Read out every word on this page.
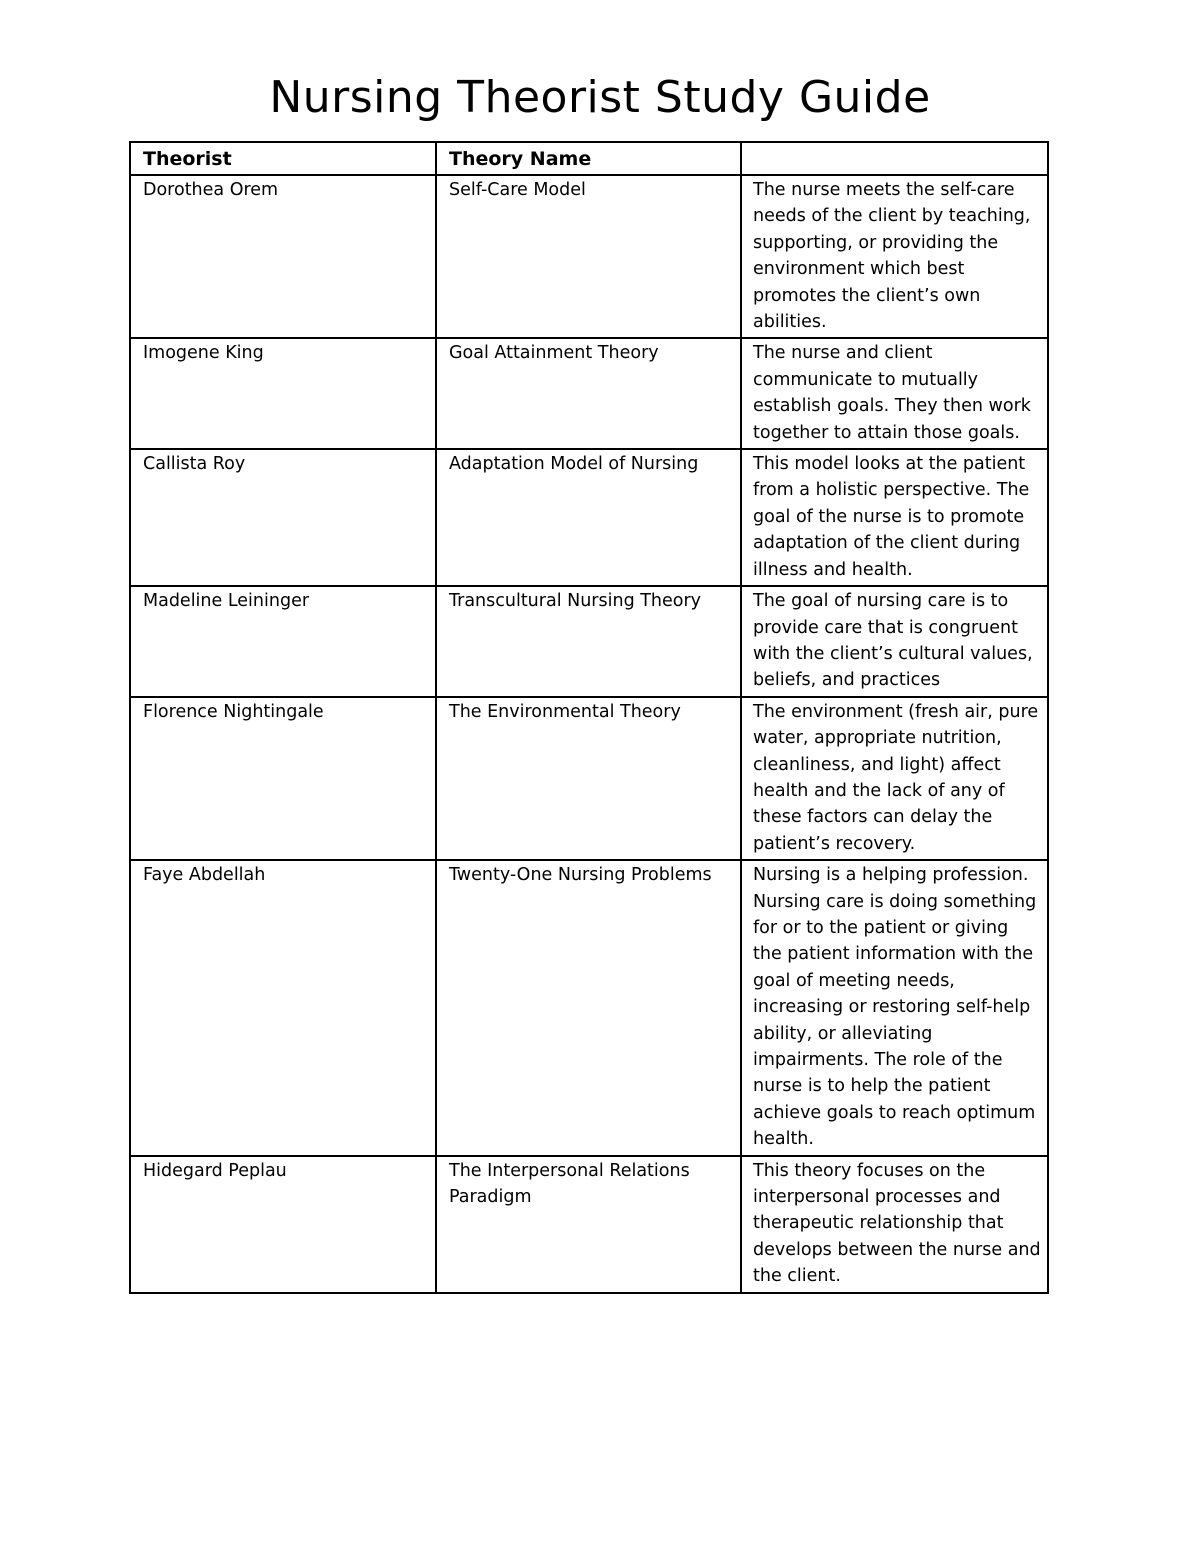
Nursing Theorist Study Guide
Theorist	Theory Name	
Dorothea Orem	Self-Care Model	The nurse meets the self-care needs of the client by teaching, supporting, or providing the environment which best promotes the client’s own abilities.
Imogene King	Goal Attainment Theory	The nurse and client communicate to mutually establish goals. They then work together to attain those goals.
Callista Roy	Adaptation Model of Nursing	This model looks at the patient from a holistic perspective. The goal of the nurse is to promote adaptation of the client during illness and health.
Madeline Leininger	Transcultural Nursing Theory	The goal of nursing care is to provide care that is congruent with the client’s cultural values, beliefs, and practices
Florence Nightingale	The Environmental Theory	The environment (fresh air, pure water, appropriate nutrition, cleanliness, and light) affect health and the lack of any of these factors can delay the patient’s recovery.
Faye Abdellah	Twenty-One Nursing Problems	Nursing is a helping profession. Nursing care is doing something for or to the patient or giving the patient information with the goal of meeting needs, increasing or restoring self-help ability, or alleviating impairments. The role of the nurse is to help the patient achieve goals to reach optimum health.
Hidegard Peplau	The Interpersonal Relations Paradigm	This theory focuses on the interpersonal processes and therapeutic relationship that develops between the nurse and the client.
